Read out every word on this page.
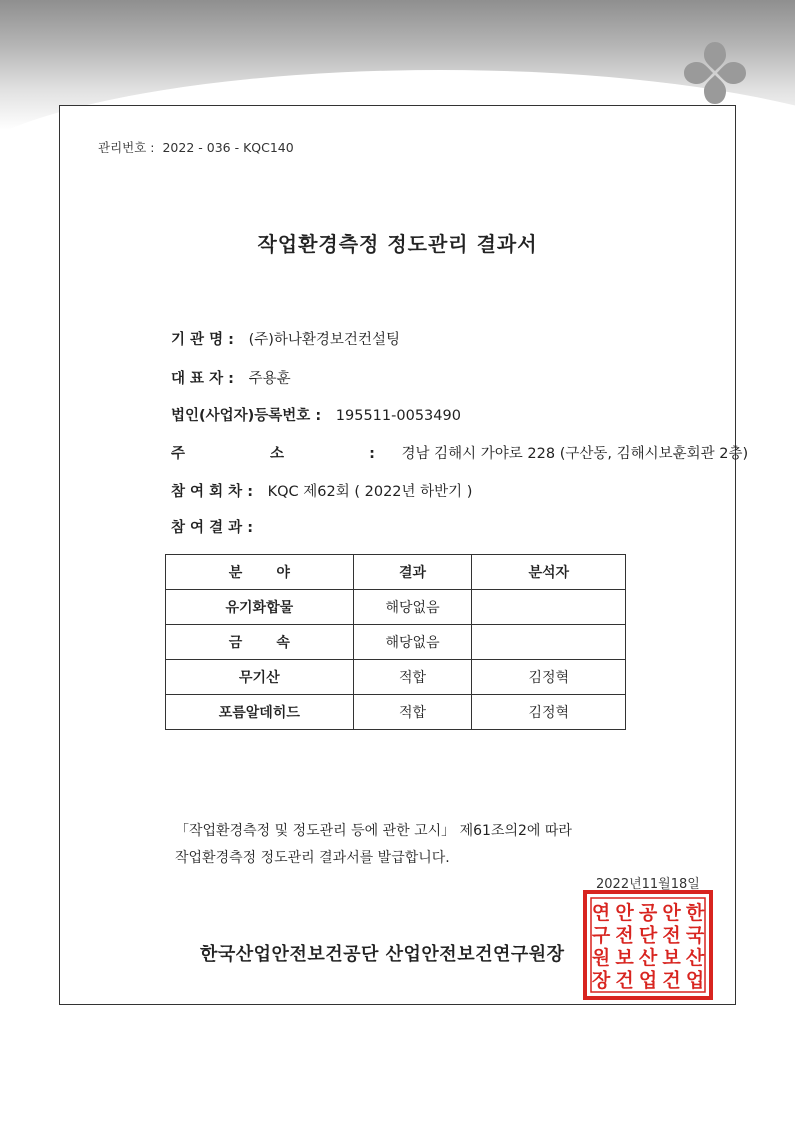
관리번호 : 2022 - 036 - KQC140
작업환경측정 정도관리 결과서
기 관 명 : (주)하나환경보건컨설팅
대 표 자 : 주용훈
법인(사업자)등록번호 : 195511-0053490
주 소 : 경남 김해시 가야로 228 (구산동, 김해시보훈회관 2층)
참 여 회 차 : KQC 제62회 ( 2022년 하반기 )
참 여 결 과 :
분       야	결과	분석자
유기화합물	해당없음	
금       속	해당없음	
무기산	적합	김정혁
포름알데히드	적합	김정혁
「작업환경측정 및 정도관리 등에 관한 고시」 제61조의2에 따라
작업환경측정 정도관리 결과서를 발급합니다.
2022년11월18일
한국산업안전보건공단 산업안전보건연구원장
한
국
산
업
안
전
보
건
공
단
산
업
안
전
보
건
연
구
원
장
